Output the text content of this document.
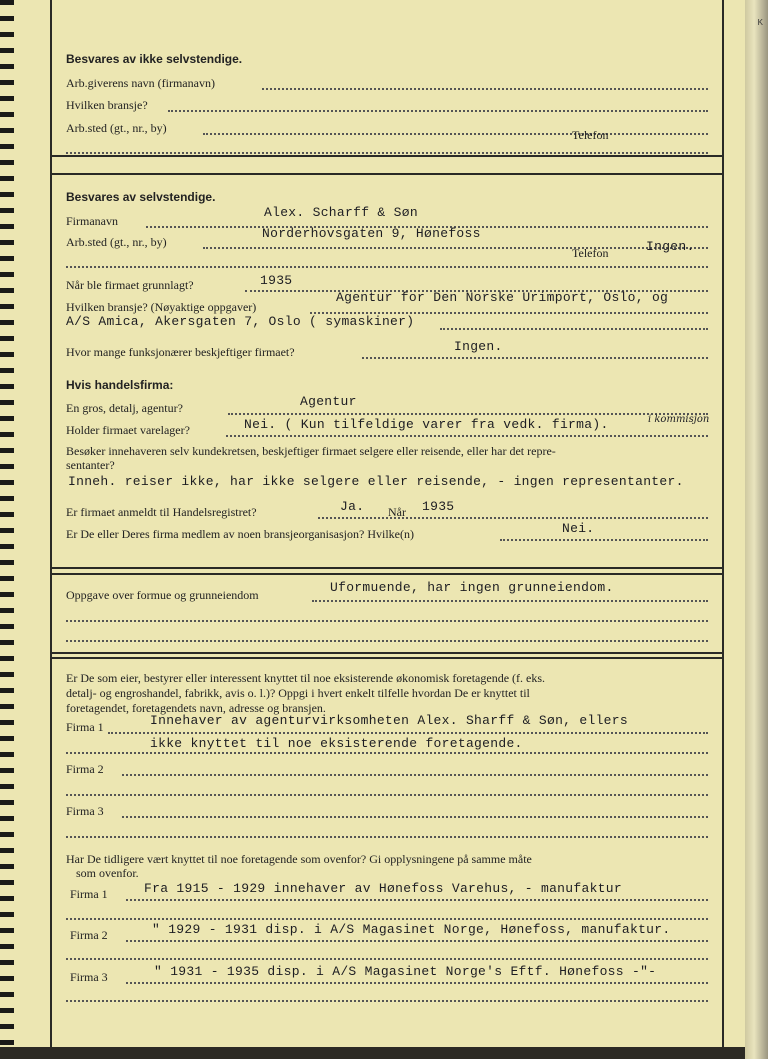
K
Besvares av ikke selvstendige.
Arb.giverens navn (firmanavn)
Hvilken bransje?
Arb.sted (gt., nr., by)	Telefon
Besvares av selvstendige.
Firmanavn
Alex. Scharff & Søn
Arb.sted (gt., nr., by)
Norderhovsgaten 9, Hønefoss
Telefon	Ingen.
Når ble firmaet grunnlagt?	1935
Hvilken bransje? (Nøyaktige oppgaver)
Agentur for Den Norske Urimport, Oslo, og
A/S Amica, Akersgaten 7, Oslo ( symaskiner)
Hvor mange funksjonærer beskjeftiger firmaet?	Ingen.
Hvis handelsfirma:
En gros, detalj, agentur?	Agentur
Holder firmaet varelager?	Nei. ( Kun tilfeldige varer fra vedk. firma).	i kommisjon
Besøker innehaveren selv kundekretsen, beskjeftiger firmaet selgere eller reisende, eller har det repre-
sentanter?
Inneh. reiser ikke, har ikke selgere eller reisende, - ingen representanter.
Er firmaet anmeldt til Handelsregistret?	Ja. Når 1935
Er De eller Deres firma medlem av noen bransjeorganisasjon? Hvilke(n)	Nei.
Oppgave over formue og grunneiendom	Uformuende, har ingen grunneiendom.
Er De som eier, bestyrer eller interessent knyttet til noe eksisterende økonomisk foretagende (f. eks.
detalj- og engroshandel, fabrikk, avis o. l.)? Oppgi i hvert enkelt tilfelle hvordan De er knyttet til
foretagendet, foretagendets navn, adresse og bransjen.
Firma 1	Innehaver av agenturvirksomheten Alex. Sharff & Søn, ellers
ikke knyttet til noe eksisterende foretagende.
Firma 2
Firma 3
Har De tidligere vært knyttet til noe foretagende som ovenfor? Gi opplysningene på samme måte
som ovenfor.
Firma 1	Fra 1915 - 1929 innehaver av Hønefoss Varehus, - manufaktur
Firma 2	" 1929 - 1931 disp. i A/S Magasinet Norge, Hønefoss, manufaktur.
Firma 3	" 1931 - 1935 disp. i A/S Magasinet Norge's Eftf. Hønefoss -"-
